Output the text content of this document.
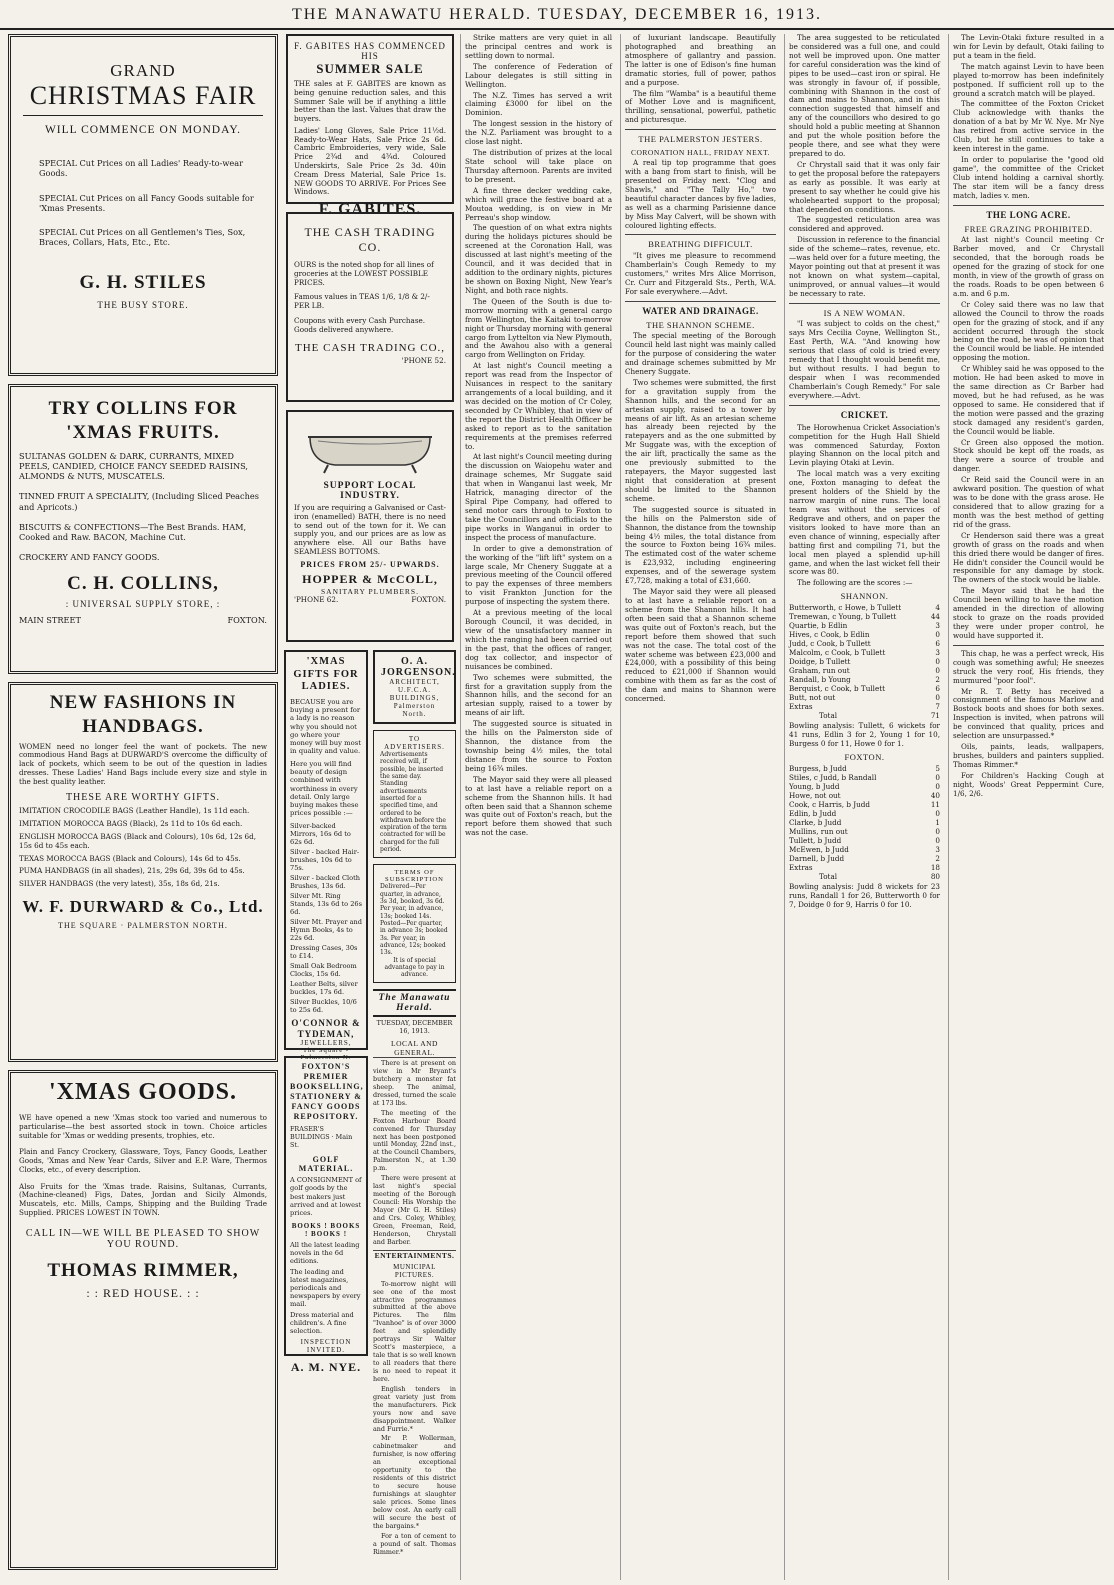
THE MANAWATU HERALD. TUESDAY, DECEMBER 16, 1913.
GRAND
CHRISTMAS FAIR
WILL COMMENCE ON MONDAY.

SPECIAL Cut Prices on all Ladies' Ready-to-wear Goods.

SPECIAL Cut Prices on all Fancy Goods suitable for 'Xmas Presents.

SPECIAL Cut Prices on all Gentlemen's Ties, Sox, Braces, Collars, Hats, Etc., Etc.

G. H. STILES
THE BUSY STORE.
TRY COLLINS FOR 'XMAS FRUITS.

SULTANAS GOLDEN & DARK, CURRANTS, MIXED PEELS, CANDIED, CHOICE FANCY SEEDED RAISINS, ALMONDS & NUTS, MUSCATELS.

TINNED FRUIT A SPECIALITY, (Including Sliced Peaches and Apricots.)

BISCUITS & CONFECTIONS—The Best Brands. HAM, Cooked and Raw. BACON, Machine Cut.

CROCKERY AND FANCY GOODS.

C. H. COLLINS,
: UNIVERSAL SUPPLY STORE, :
MAIN STREET	FOXTON.
NEW FASHIONS IN HANDBAGS.

WOMEN need no longer feel the want of pockets. The new commodious Hand Bags at DURWARD'S overcome the difficulty of lack of pockets, which seem to be out of the question in ladies dresses. These Ladies' Hand Bags include every size and style in the best quality leather.

THESE ARE WORTHY GIFTS.

IMITATION CROCODILE BAGS (Leather Handle), 1s 11d each.

IMITATION MOROCCA BAGS (Black), 2s 11d to 10s 6d each.

ENGLISH MOROCCA BAGS (Black and Colours), 10s 6d, 12s 6d, 15s 6d to 45s each.

TEXAS MOROCCA BAGS (Black and Colours), 14s 6d to 45s.

PUMA HANDBAGS (in all shades), 21s, 29s 6d, 39s 6d to 45s.

SILVER HANDBAGS (the very latest), 35s, 18s 6d, 21s.

W. F. DURWARD & Co., Ltd.
THE SQUARE · PALMERSTON NORTH.
'XMAS GOODS.

WE have opened a new 'Xmas stock too varied and numerous to particularise—the best assorted stock in town. Choice articles suitable for 'Xmas or wedding presents, trophies, etc.

Plain and Fancy Crockery, Glassware, Toys, Fancy Goods, Leather Goods, 'Xmas and New Year Cards, Silver and E.P. Ware, Thermos Clocks, etc., of every description.

Also Fruits for the 'Xmas trade. Raisins, Sultanas, Currants, (Machine-cleaned) Figs, Dates, Jordan and Sicily Almonds, Muscatels, etc. Mills, Camps, Shipping and the Building Trade Supplied. PRICES LOWEST IN TOWN.

CALL IN—WE WILL BE PLEASED TO SHOW YOU ROUND.
THOMAS RIMMER,
: : RED HOUSE. : :
F. GABITES HAS COMMENCED HIS
SUMMER SALE

THE sales at F. GABITES are known as being genuine reduction sales, and this Summer Sale will be if anything a little better than the last. Values that draw the buyers.

Ladies' Long Gloves, Sale Price 11½d. Ready-to-Wear Hats, Sale Price 2s 6d. Cambric Embroideries, very wide, Sale Price 2¾d and 4¾d. Coloured Underskirts, Sale Price 2s 3d. 40in Cream Dress Material, Sale Price 1s. NEW GOODS TO ARRIVE. For Prices See Windows.

F. GABITES.
THE CASH TRADING CO.

OURS is the noted shop for all lines of groceries at the LOWEST POSSIBLE PRICES.

Famous values in TEAS 1/6, 1/8 & 2/- PER LB.

Coupons with every Cash Purchase. Goods delivered anywhere.

THE CASH TRADING CO.,
'PHONE 52.
SUPPORT LOCAL INDUSTRY.

If you are requiring a Galvanised or Cast-iron (enamelled) BATH, there is no need to send out of the town for it. We can supply you, and our prices are as low as anywhere else. All our Baths have SEAMLESS BOTTOMS.

PRICES FROM 25/- UPWARDS.
HOPPER & McCOLL,
SANITARY PLUMBERS.
'PHONE 62.	FOXTON.
'XMAS GIFTS FOR LADIES.

BECAUSE you are buying a present for a lady is no reason why you should not go where your money will buy most in quality and value.

Here you will find beauty of design combined with worthiness in every detail. Only large buying makes these prices possible :—

Silver-backed Mirrors, 16s 6d to 62s 6d.

Silver - backed Hair-brushes, 10s 6d to 75s.

Silver - backed Cloth Brushes, 13s 6d.

Silver Mt. Ring Stands, 13s 6d to 26s 6d.

Silver Mt. Prayer and Hymn Books, 4s to 22s 6d.

Dressing Cases, 30s to £14.

Small Oak Bedroom Clocks, 15s 6d.

Leather Belts, silver buckles, 17s 6d.

Silver Buckles, 10/6 to 25s 6d.

O'CONNOR & TYDEMAN,
JEWELLERS,
The Square - Palmerston N.
FOXTON'S PREMIER BOOKSELLING, STATIONERY & FANCY GOODS REPOSITORY.
FRASER'S BUILDINGS · Main St.
GOLF MATERIAL.

A CONSIGNMENT of golf goods by the best makers just arrived and at lowest prices.

BOOKS ! BOOKS ! BOOKS !

All the latest leading novels in the 6d editions.

The leading and latest magazines, periodicals and newspapers by every mail.

Dress material and children's. A fine selection.

INSPECTION INVITED.
A. M. NYE.
O. A. JORGENSON.
ARCHITECT,
U.F.C.A. BUILDINGS,
Palmerston North.
TO ADVERTISERS.

Advertisements received will, if possible, be inserted the same day. Standing advertisements inserted for a specified time, and ordered to be withdrawn before the expiration of the term contracted for will be charged for the full period.

TERMS OF SUBSCRIPTION

Delivered—Per quarter, in advance, 3s 3d, booked, 3s 6d. Per year, in advance, 13s; booked 14s. Posted—Per quarter, in advance 3s; booked 3s. Per year, in advance, 12s; booked 13s.

It is of special advantage to pay in advance.

The Manawatu Herald.
TUESDAY, DECEMBER 16, 1913.
LOCAL AND GENERAL.

There is at present on view in Mr Bryant's butchery a monster fat sheep. The animal, dressed, turned the scale at 173 lbs.

The meeting of the Foxton Harbour Board convened for Thursday next has been postponed until Monday, 22nd inst., at the Council Chambers, Palmerston N., at 1.30 p.m.

There were present at last night's special meeting of the Borough Council: His Worship the Mayor (Mr G. H. Stiles) and Crs. Coley, Whibley, Green, Freeman, Reid, Henderson, Chrystall and Barber.

ENTERTAINMENTS.
MUNICIPAL PICTURES.

To-morrow night will see one of the most attractive programmes submitted at the above Pictures. The film "Ivanhoe" is of over 3000 feet and splendidly portrays Sir Walter Scott's masterpiece, a tale that is so well known to all readers that there is no need to repeat it here.

English tenders in great variety just from the manufacturers. Pick yours now and save disappointment. Walker and Furrie.*

Mr P. Wollerman, cabinetmaker and furnisher, is now offering an exceptional opportunity to the residents of this district to secure house furnishings at slaughter sale prices. Some lines below cost. An early call will secure the best of the bargains.*

For a ton of cement to a pound of salt. Thomas Rimmer.*

Strike matters are very quiet in all the principal centres and work is settling down to normal.

The conference of Federation of Labour delegates is still sitting in Wellington.

The N.Z. Times has served a writ claiming £3000 for libel on the Dominion.

The longest session in the history of the N.Z. Parliament was brought to a close last night.

The distribution of prizes at the local State school will take place on Thursday afternoon. Parents are invited to be present.

A fine three decker wedding cake, which will grace the festive board at a Moutoa wedding, is on view in Mr Perreau's shop window.

The question of on what extra nights during the holidays pictures should be screened at the Coronation Hall, was discussed at last night's meeting of the Council, and it was decided that in addition to the ordinary nights, pictures be shown on Boxing Night, New Year's Night, and both race nights.

The Queen of the South is due to-morrow morning with a general cargo from Wellington, the Kaitaki to-morrow night or Thursday morning with general cargo from Lyttelton via New Plymouth, and the Awahou also with a general cargo from Wellington on Friday.

At last night's Council meeting a report was read from the Inspector of Nuisances in respect to the sanitary arrangements of a local building, and it was decided on the motion of Cr Coley, seconded by Cr Whibley, that in view of the report the District Health Officer be asked to report as to the sanitation requirements at the premises referred to.

At last night's Council meeting during the discussion on Waiopehu water and drainage schemes, Mr Suggate said that when in Wanganui last week, Mr Hatrick, managing director of the Spiral Pipe Company, had offered to send motor cars through to Foxton to take the Councillors and officials to the pipe works in Wanganui in order to inspect the process of manufacture.

In order to give a demonstration of the working of the "lift lift" system on a large scale, Mr Chenery Suggate at a previous meeting of the Council offered to pay the expenses of three members to visit Frankton Junction for the purpose of inspecting the system there.

At a previous meeting of the local Borough Council, it was decided, in view of the unsatisfactory manner in which the ranging had been carried out in the past, that the offices of ranger, dog tax collector, and inspector of nuisances be combined.

Two schemes were submitted, the first for a gravitation supply from the Shannon hills, and the second for an artesian supply, raised to a tower by means of air lift.

The suggested source is situated in the hills on the Palmerston side of Shannon, the distance from the township being 4½ miles, the total distance from the source to Foxton being 16¾ miles.

The Mayor said they were all pleased to at last have a reliable report on a scheme from the Shannon hills. It had often been said that a Shannon scheme was quite out of Foxton's reach, but the report before them showed that such was not the case.

of luxuriant landscape. Beautifully photographed and breathing an atmosphere of gallantry and passion. The latter is one of Edison's fine human dramatic stories, full of power, pathos and a purpose.

The film "Wamba" is a beautiful theme of Mother Love and is magnificent, thrilling, sensational, powerful, pathetic and picturesque.

THE PALMERSTON JESTERS.
CORONATION HALL, FRIDAY NEXT.

A real tip top programme that goes with a bang from start to finish, will be presented on Friday next. "Clog and Shawls," and "The Tally Ho," two beautiful character dances by five ladies, as well as a charming Parisienne dance by Miss May Calvert, will be shown with coloured lighting effects.

BREATHING DIFFICULT.

"It gives me pleasure to recommend Chamberlain's Cough Remedy to my customers," writes Mrs Alice Morrison, Cr. Curr and Fitzgerald Sts., Perth, W.A. For sale everywhere.—Advt.

WATER AND DRAINAGE.
THE SHANNON SCHEME.

The special meeting of the Borough Council held last night was mainly called for the purpose of considering the water and drainage schemes submitted by Mr Chenery Suggate.

Two schemes were submitted, the first for a gravitation supply from the Shannon hills, and the second for an artesian supply, raised to a tower by means of air lift. As an artesian scheme has already been rejected by the ratepayers and as the one submitted by Mr Suggate was, with the exception of the air lift, practically the same as the one previously submitted to the ratepayers, the Mayor suggested last night that consideration at present should be limited to the Shannon scheme.

The suggested source is situated in the hills on the Palmerston side of Shannon, the distance from the township being 4½ miles, the total distance from the source to Foxton being 16¾ miles. The estimated cost of the water scheme is £23,932, including engineering expenses, and of the sewerage system £7,728, making a total of £31,660.

The Mayor said they were all pleased to at last have a reliable report on a scheme from the Shannon hills. It had often been said that a Shannon scheme was quite out of Foxton's reach, but the report before them showed that such was not the case. The total cost of the water scheme was between £23,000 and £24,000, with a possibility of this being reduced to £21,000 if Shannon would combine with them as far as the cost of the dam and mains to Shannon were concerned.

The area suggested to be reticulated be considered was a full one, and could not well be improved upon. One matter for careful consideration was the kind of pipes to be used—cast iron or spiral. He was strongly in favour of, if possible, combining with Shannon in the cost of dam and mains to Shannon, and in this connection suggested that himself and any of the councillors who desired to go should hold a public meeting at Shannon and put the whole position before the people there, and see what they were prepared to do.

Cr Chrystall said that it was only fair to get the proposal before the ratepayers as early as possible. It was early at present to say whether he could give his wholehearted support to the proposal; that depended on conditions.

The suggested reticulation area was considered and approved.

Discussion in reference to the financial side of the scheme—rates, revenue, etc.—was held over for a future meeting, the Mayor pointing out that at present it was not known on what system—capital, unimproved, or annual values—it would be necessary to rate.

IS A NEW WOMAN.

"I was subject to colds on the chest," says Mrs Cecilia Coyne, Wellington St., East Perth, W.A. "And knowing how serious that class of cold is tried every remedy that I thought would benefit me, but without results. I had begun to despair when I was recommended Chamberlain's Cough Remedy." For sale everywhere.—Advt.

CRICKET.

The Horowhenua Cricket Association's competition for the Hugh Hall Shield was commenced Saturday, Foxton playing Shannon on the local pitch and Levin playing Otaki at Levin.

The local match was a very exciting one, Foxton managing to defeat the present holders of the Shield by the narrow margin of nine runs. The local team was without the services of Redgrave and others, and on paper the visitors looked to have more than an even chance of winning, especially after batting first and compiling 71, but the local men played a splendid up-hill game, and when the last wicket fell their score was 80.

The following are the scores :—

SHANNON.
Butterworth, c Howe, b Tullett	4
Tremewan, c Young, b Tullett	44
Quartie, b Edlin	3
Hives, c Cook, b Edlin	0
Judd, c Cook, b Tullett	6
Malcolm, c Cook, b Tullett	3
Doidge, b Tullett	0
Graham, run out	0
Randall, b Young	2
Berquist, c Cook, b Tullett	6
Butt, not out	0
Extras	7
Total	71

Bowling analysis: Tullett, 6 wickets for 41 runs, Edlin 3 for 2, Young 1 for 10, Burgess 0 for 11, Howe 0 for 1.

FOXTON.
Burgess, b Judd	5
Stiles, c Judd, b Randall	0
Young, b Judd	0
Howe, not out	40
Cook, c Harris, b Judd	11
Edlin, b Judd	0
Clarke, b Judd	1
Mullins, run out	0
Tullett, b Judd	0
McEwen, b Judd	3
Darnell, b Judd	2
Extras	18
Total	80

Bowling analysis: Judd 8 wickets for 23 runs, Randall 1 for 26, Butterworth 0 for 7, Doidge 0 for 9, Harris 0 for 10.

The Levin-Otaki fixture resulted in a win for Levin by default, Otaki failing to put a team in the field.

The match against Levin to have been played to-morrow has been indefinitely postponed. If sufficient roll up to the ground a scratch match will be played.

The committee of the Foxton Cricket Club acknowledge with thanks the donation of a bat by Mr W. Nye. Mr Nye has retired from active service in the Club, but he still continues to take a keen interest in the game.

In order to popularise the "good old game", the committee of the Cricket Club intend holding a carnival shortly. The star item will be a fancy dress match, ladies v. men.

THE LONG ACRE.
FREE GRAZING PROHIBITED.

At last night's Council meeting Cr Barber moved, and Cr Chrystall seconded, that the borough roads be opened for the grazing of stock for one month, in view of the growth of grass on the roads. Roads to be open between 6 a.m. and 6 p.m.

Cr Coley said there was no law that allowed the Council to throw the roads open for the grazing of stock, and if any accident occurred through the stock being on the road, he was of opinion that the Council would be liable. He intended opposing the motion.

Cr Whibley said he was opposed to the motion. He had been asked to move in the same direction as Cr Barber had moved, but he had refused, as he was opposed to same. He considered that if the motion were passed and the grazing stock damaged any resident's garden, the Council would be liable.

Cr Green also opposed the motion. Stock should be kept off the roads, as they were a source of trouble and danger.

Cr Reid said the Council were in an awkward position. The question of what was to be done with the grass arose. He considered that to allow grazing for a month was the best method of getting rid of the grass.

Cr Henderson said there was a great growth of grass on the roads and when this dried there would be danger of fires. He didn't consider the Council would be responsible for any damage by stock. The owners of the stock would be liable.

The Mayor said that he had the Council been willing to have the motion amended in the direction of allowing stock to graze on the roads provided they were under proper control, he would have supported it.

This chap, he was a perfect wreck, His cough was something awful; He sneezes struck the very roof, His friends, they murmured "poor fool".

Mr R. T. Betty has received a consignment of the famous Marlow and Bostock boots and shoes for both sexes. Inspection is invited, when patrons will be convinced that quality, prices and selection are unsurpassed.*

Oils, paints, leads, wallpapers, brushes, builders and painters supplied. Thomas Rimmer.*

For Children's Hacking Cough at night, Woods' Great Peppermint Cure, 1/6, 2/6.
